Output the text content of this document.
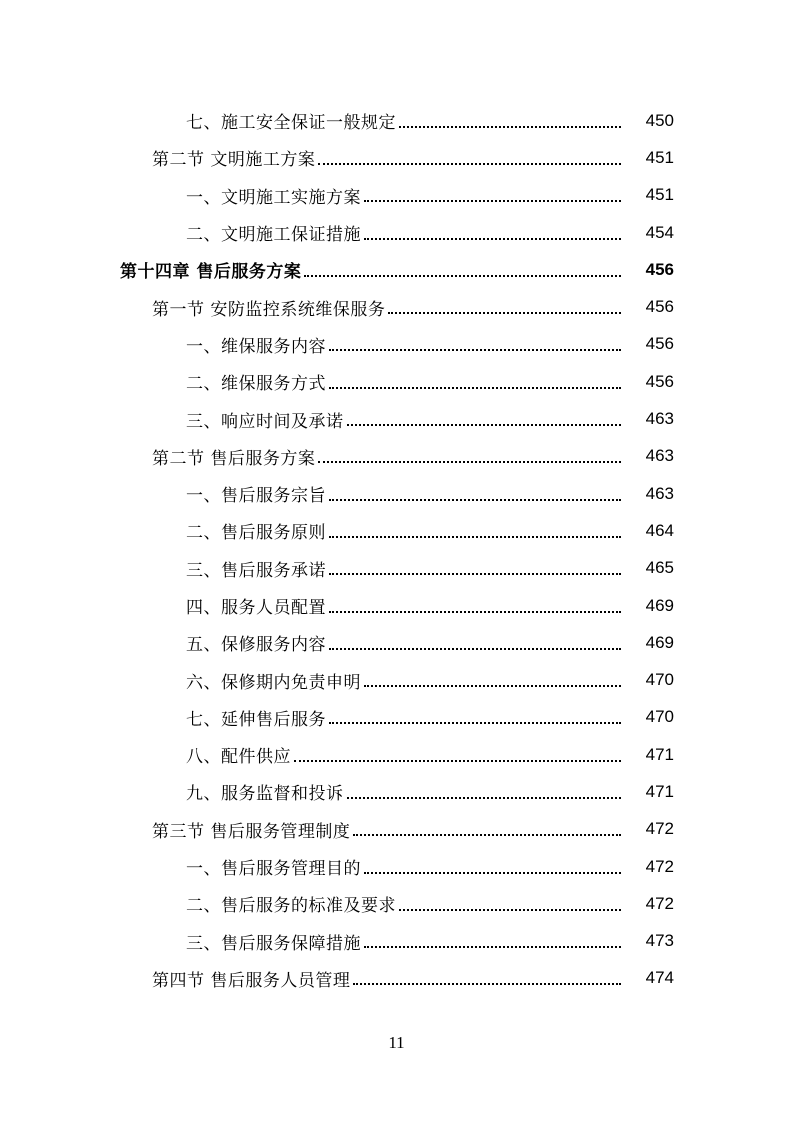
七、施工安全保证一般规定	450
第二节 文明施工方案	451
一、文明施工实施方案	451
二、文明施工保证措施	454
第十四章 售后服务方案	456
第一节 安防监控系统维保服务	456
一、维保服务内容	456
二、维保服务方式	456
三、响应时间及承诺	463
第二节 售后服务方案	463
一、售后服务宗旨	463
二、售后服务原则	464
三、售后服务承诺	465
四、服务人员配置	469
五、保修服务内容	469
六、保修期内免责申明	470
七、延伸售后服务	470
八、配件供应	471
九、服务监督和投诉	471
第三节 售后服务管理制度	472
一、售后服务管理目的	472
二、售后服务的标准及要求	472
三、售后服务保障措施	473
第四节 售后服务人员管理	474
11
